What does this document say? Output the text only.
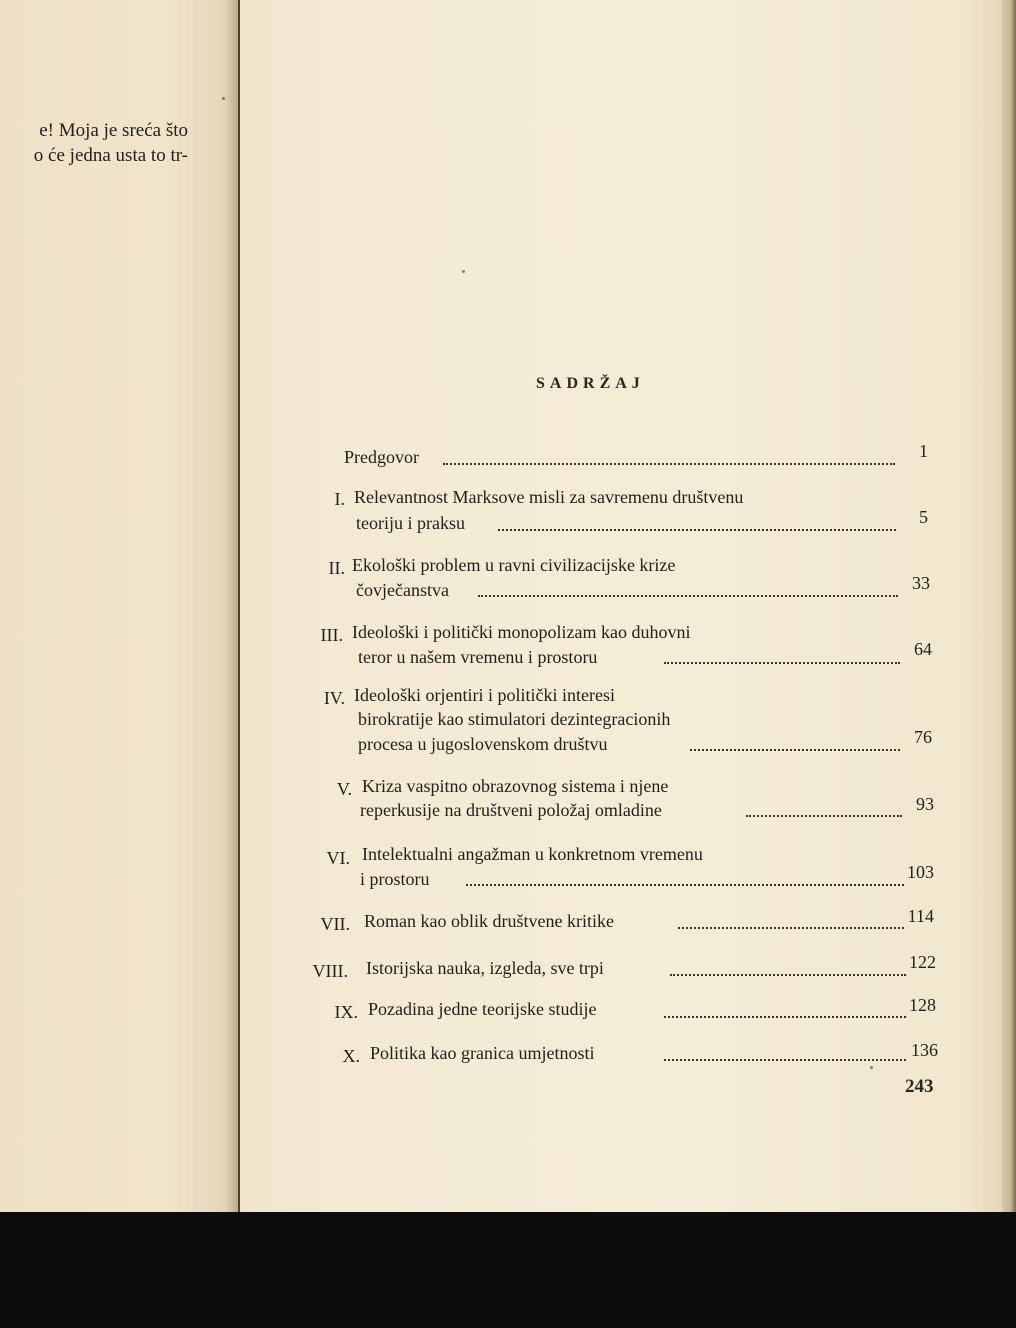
e! Moja je sreća što
o će jedna usta to tr-
SADRŽAJ
Predgovor	1
I. Relevantnost Marksove misli za savremenu društvenu
teoriju i praksu	5
II. Ekološki problem u ravni civilizacijske krize
čovječanstva	33
III. Ideološki i politički monopolizam kao duhovni
teror u našem vremenu i prostoru	64
IV. Ideološki orjentiri i politički interesi
birokratije kao stimulatori dezintegracionih
procesa u jugoslovenskom društvu	76
V. Kriza vaspitno obrazovnog sistema i njene
reperkusije na društveni položaj omladine	93
VI. Intelektualni angažman u konkretnom vremenu
i prostoru	103
VII. Roman kao oblik društvene kritike	114
VIII. Istorijska nauka, izgleda, sve trpi	122
IX. Pozadina jedne teorijske studije	128
X. Politika kao granica umjetnosti	136
243
